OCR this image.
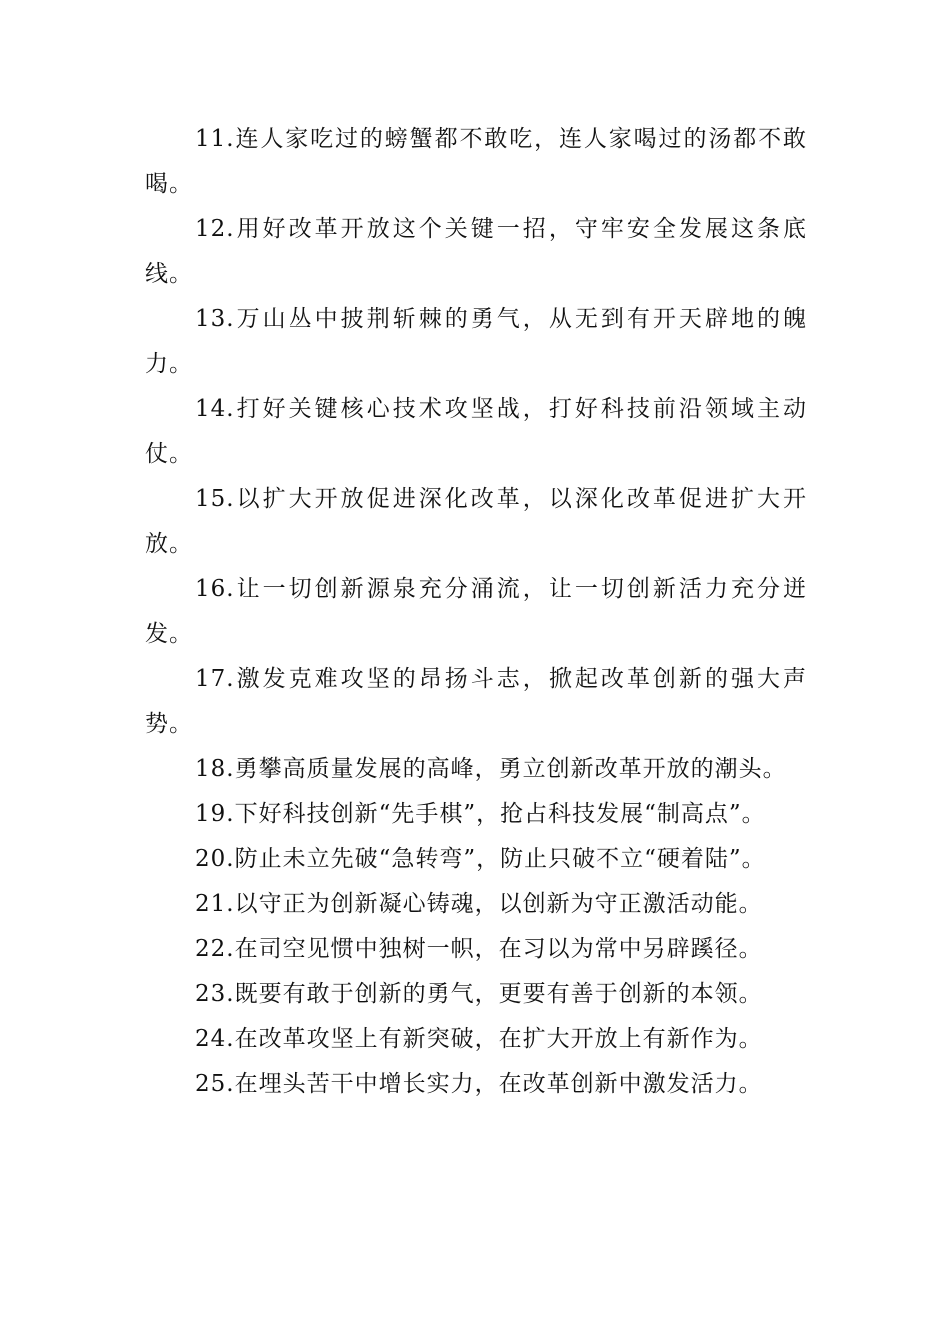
11.连人家吃过的螃蟹都不敢吃，连人家喝过的汤都不敢喝。

12.用好改革开放这个关键一招，守牢安全发展这条底线。

13.万山丛中披荆斩棘的勇气，从无到有开天辟地的魄力。

14.打好关键核心技术攻坚战，打好科技前沿领域主动仗。

15.以扩大开放促进深化改革，以深化改革促进扩大开放。

16.让一切创新源泉充分涌流，让一切创新活力充分迸发。

17.激发克难攻坚的昂扬斗志，掀起改革创新的强大声势。

18.勇攀高质量发展的高峰，勇立创新改革开放的潮头。

19.下好科技创新“先手棋”，抢占科技发展“制高点”。

20.防止未立先破“急转弯”，防止只破不立“硬着陆”。

21.以守正为创新凝心铸魂，以创新为守正激活动能。

22.在司空见惯中独树一帜，在习以为常中另辟蹊径。

23.既要有敢于创新的勇气，更要有善于创新的本领。

24.在改革攻坚上有新突破，在扩大开放上有新作为。

25.在埋头苦干中增长实力，在改革创新中激发活力。
